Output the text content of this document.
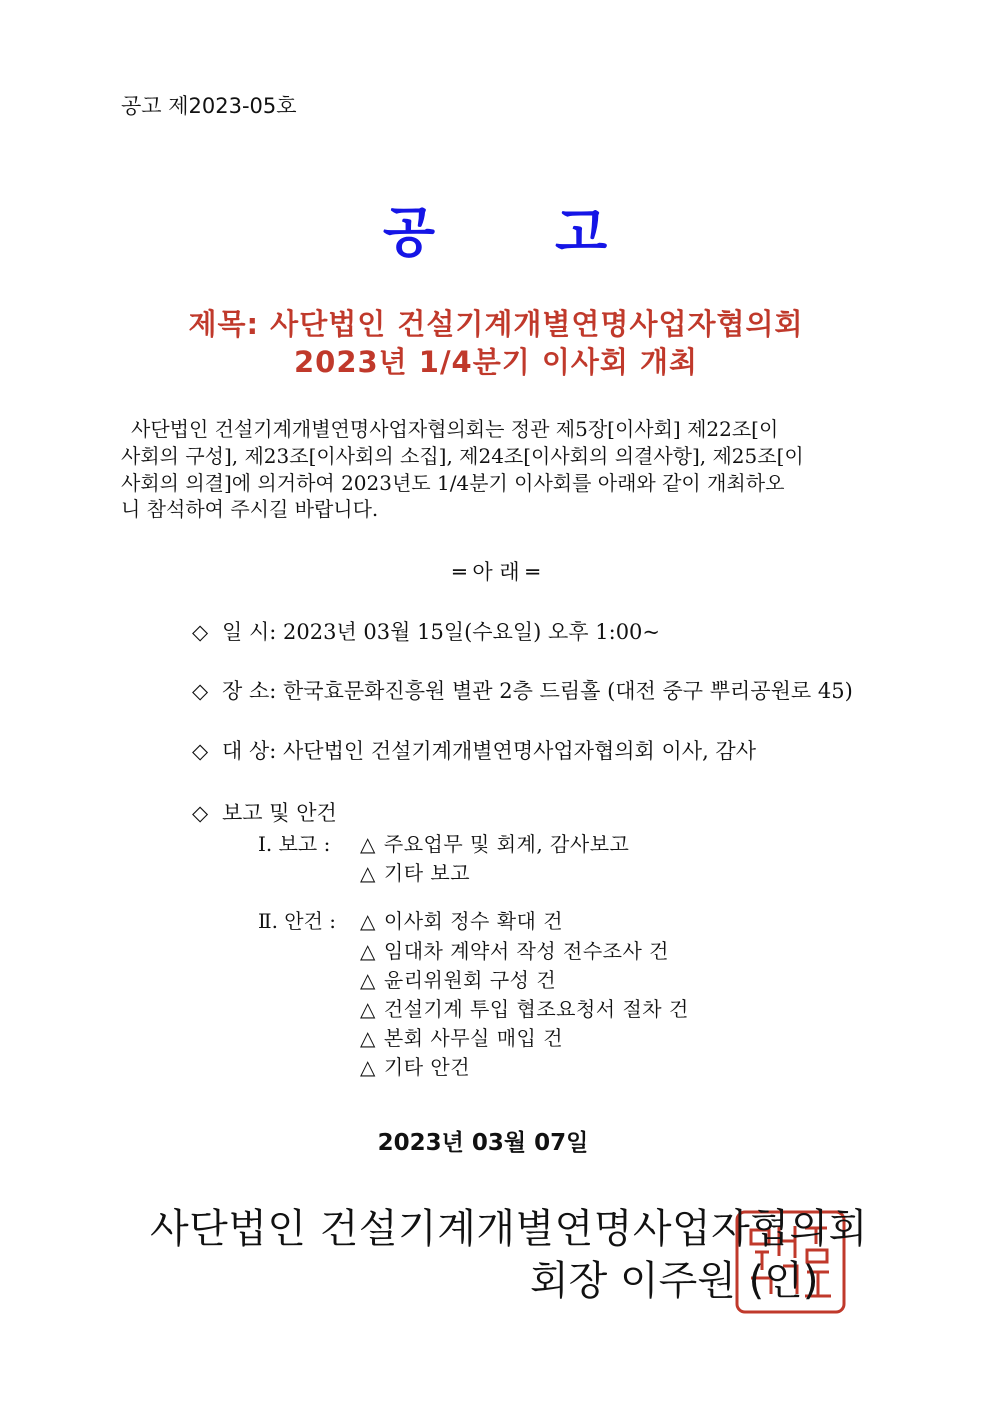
공고 제2023-05호
공 고
제목: 사단법인 건설기계개별연명사업자협의회
2023년 1/4분기 이사회 개최
사단법인 건설기계개별연명사업자협의회는 정관 제5장[이사회] 제22조[이
사회의 구성], 제23조[이사회의 소집], 제24조[이사회의 의결사항], 제25조[이
사회의 의결]에 의거하여 2023년도 1/4분기 이사회를 아래와 같이 개최하오
니 참석하여 주시길 바랍니다.
═ 아 래 ═
◇ 일 시: 2023년 03월 15일(수요일) 오후 1:00~
◇ 장 소: 한국효문화진흥원 별관 2층 드림홀 (대전 중구 뿌리공원로 45)
◇ 대 상: 사단법인 건설기계개별연명사업자협의회 이사, 감사
◇ 보고 및 안건
Ⅰ. 보고 : △ 주요업무 및 회계, 감사보고
△ 기타 보고
Ⅱ. 안건 : △ 이사회 정수 확대 건
△ 임대차 계약서 작성 전수조사 건
△ 윤리위원회 구성 건
△ 건설기계 투입 협조요청서 절차 건
△ 본회 사무실 매입 건
△ 기타 안건
2023년 03월 07일
사단법인 건설기계개별연명사업자협의회
회장 이주원 (인)
